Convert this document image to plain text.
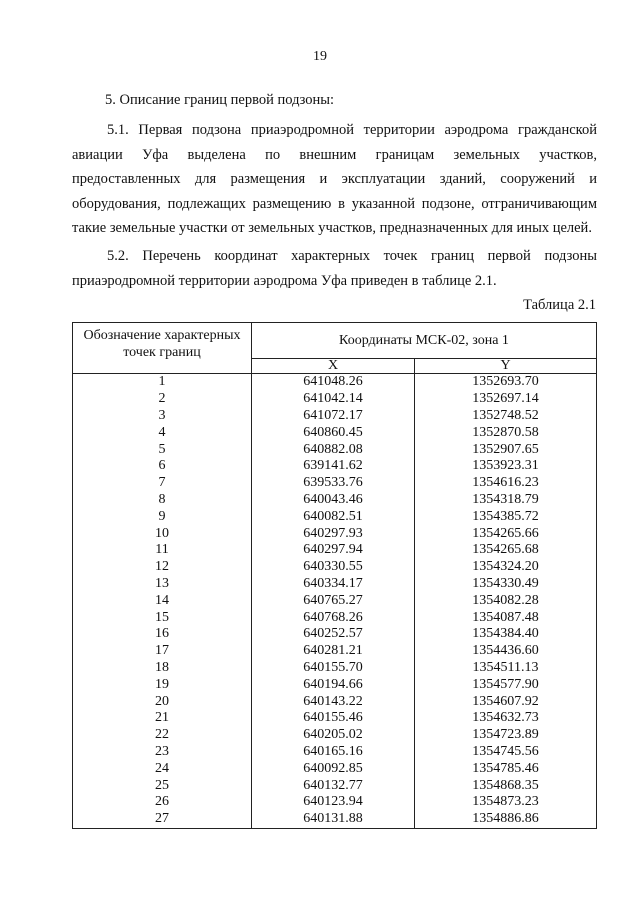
19
5. Описание границ первой подзоны:
5.1. Первая подзона приаэродромной территории аэродрома гражданской авиации Уфа выделена по внешним границам земельных участков, предоставленных для размещения и эксплуатации зданий, сооружений и оборудования, подлежащих размещению в указанной подзоне, отграничивающим такие земельные участки от земельных участков, предназначенных для иных целей.
5.2. Перечень координат характерных точек границ первой подзоны приаэродромной территории аэродрома Уфа приведен в таблице 2.1.
Таблица 2.1
Обозначение характерных точек границ	Координаты МСК-02, зона 1	
	X	Y
1	641048.26	1352693.70
2	641042.14	1352697.14
3	641072.17	1352748.52
4	640860.45	1352870.58
5	640882.08	1352907.65
6	639141.62	1353923.31
7	639533.76	1354616.23
8	640043.46	1354318.79
9	640082.51	1354385.72
10	640297.93	1354265.66
11	640297.94	1354265.68
12	640330.55	1354324.20
13	640334.17	1354330.49
14	640765.27	1354082.28
15	640768.26	1354087.48
16	640252.57	1354384.40
17	640281.21	1354436.60
18	640155.70	1354511.13
19	640194.66	1354577.90
20	640143.22	1354607.92
21	640155.46	1354632.73
22	640205.02	1354723.89
23	640165.16	1354745.56
24	640092.85	1354785.46
25	640132.77	1354868.35
26	640123.94	1354873.23
27	640131.88	1354886.86
